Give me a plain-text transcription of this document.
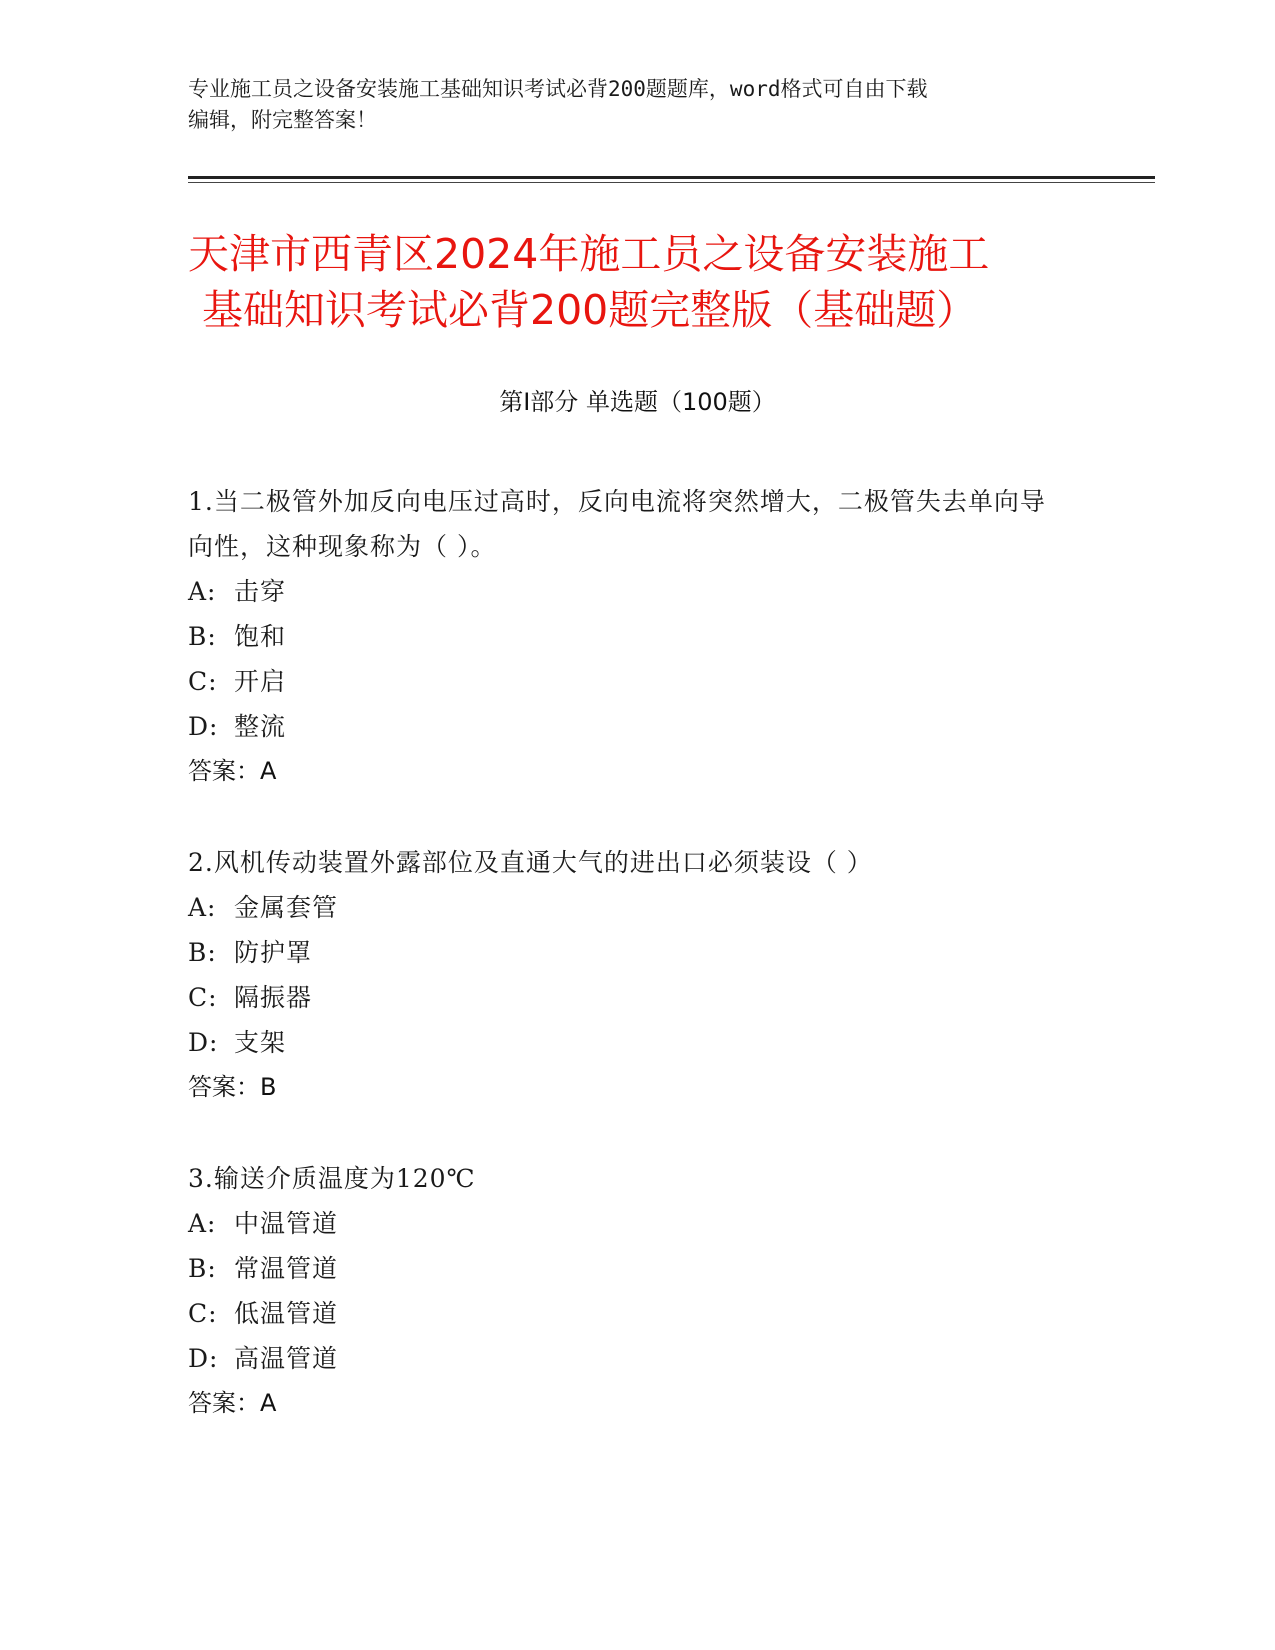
专业施工员之设备安装施工基础知识考试必背200题题库，word格式可自由下载
编辑，附完整答案！
天津市西青区2024年施工员之设备安装施工
基础知识考试必背200题完整版（基础题）
第Ⅰ部分 单选题（100题）
1.当二极管外加反向电压过高时，反向电流将突然增大，二极管失去单向导向性，这种现象称为（ ）。
A: 击穿
B: 饱和
C: 开启
D: 整流
答案：A
2.风机传动装置外露部位及直通大气的进出口必须装设（ ）
A: 金属套管
B: 防护罩
C: 隔振器
D: 支架
答案：B
3.输送介质温度为120℃
A: 中温管道
B: 常温管道
C: 低温管道
D: 高温管道
答案：A
